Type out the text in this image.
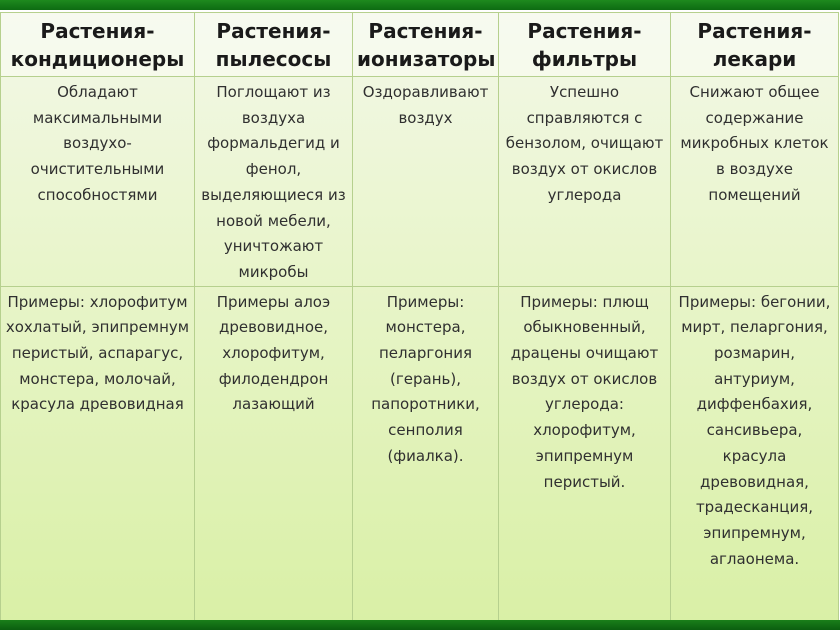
Растения-кондиционеры	Растения-пылесосы	Растения-ионизаторы	Растения-фильтры	Растения-лекари
Обладают максимальными воздухо-очистительными способностями	Поглощают из воздуха формальдегид и фенол, выделяющиеся из новой мебели, уничтожают микробы	Оздоравливают воздух	Успешно справляются с бензолом, очищают воздух от окислов углерода	Снижают общее содержание микробных клеток в воздухе помещений
Примеры: хлорофитум хохлатый, эпипремнум перистый, аспарагус, монстера, молочай, красула древовидная	Примеры алоэ древовидное, хлорофитум, филодендрон лазающий	Примеры: монстера, пеларгония (герань), папоротники, сенполия (фиалка).	Примеры: плющ обыкновенный, драцены очищают воздух от окислов углерода: хлорофитум, эпипремнум перистый.	Примеры: бегонии, мирт, пеларгония, розмарин, антуриум, диффенбахия, сансивьера, красула древовидная, традесканция, эпипремнум, аглаонема.
